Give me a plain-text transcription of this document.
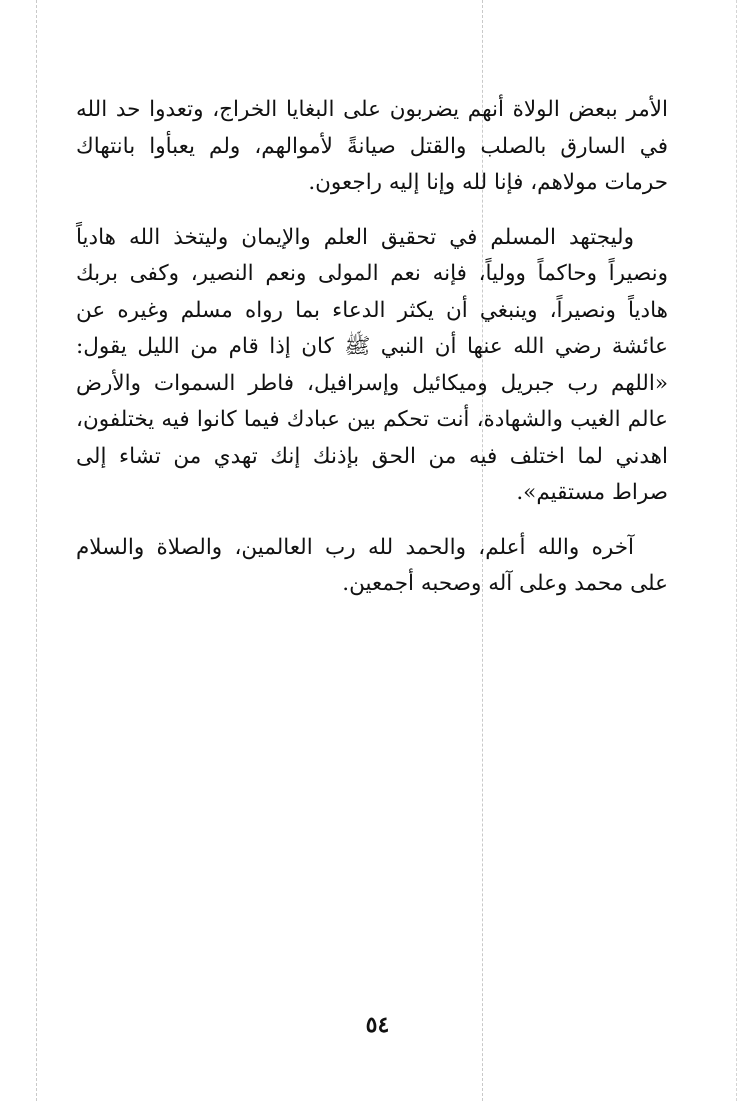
الأمر ببعض الولاة أنهم يضربون على البغايا الخراج، وتعدوا حد الله في السارق بالصلب والقتل صيانةً لأموالهم، ولم يعبأوا بانتهاك حرمات مولاهم، فإنا لله وإنا إليه راجعون.

وليجتهد المسلم في تحقيق العلم والإيمان وليتخذ الله هادياً ونصيراً وحاكماً وولياً، فإنه نعم المولى ونعم النصير، وكفى بربك هادياً ونصيراً، وينبغي أن يكثر الدعاء بما رواه مسلم وغيره عن عائشة رضي الله عنها أن النبي ﷺ كان إذا قام من الليل يقول: «اللهم رب جبريل وميكائيل وإسرافيل، فاطر السموات والأرض عالم الغيب والشهادة، أنت تحكم بين عبادك فيما كانوا فيه يختلفون، اهدني لما اختلف فيه من الحق بإذنك إنك تهدي من تشاء إلى صراط مستقيم».

آخره والله أعلم، والحمد لله رب العالمين، والصلاة والسلام على محمد وعلى آله وصحبه أجمعين.

٥٤
